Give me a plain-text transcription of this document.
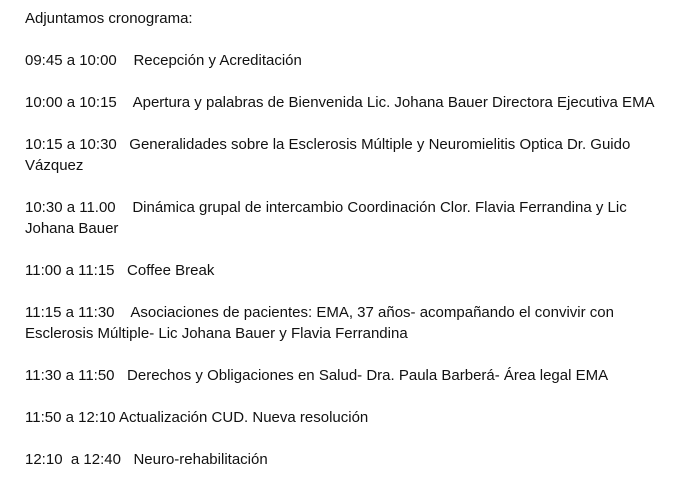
Adjuntamos cronograma:

09:45 a 10:00 Recepción y Acreditación

10:00 a 10:15 Apertura y palabras de Bienvenida Lic. Johana Bauer Directora Ejecutiva EMA

10:15 a 10:30 Generalidades sobre la Esclerosis Múltiple y Neuromielitis Optica Dr. Guido Vázquez

10:30 a 11.00 Dinámica grupal de intercambio Coordinación Clor. Flavia Ferrandina y Lic Johana Bauer

11:00 a 11:15 Coffee Break

11:15 a 11:30 Asociaciones de pacientes: EMA, 37 años- acompañando el convivir con Esclerosis Múltiple- Lic Johana Bauer y Flavia Ferrandina

11:30 a 11:50 Derechos y Obligaciones en Salud- Dra. Paula Barberá- Área legal EMA

11:50 a 12:10 Actualización CUD. Nueva resolución

12:10  a 12:40 Neuro-rehabilitación
